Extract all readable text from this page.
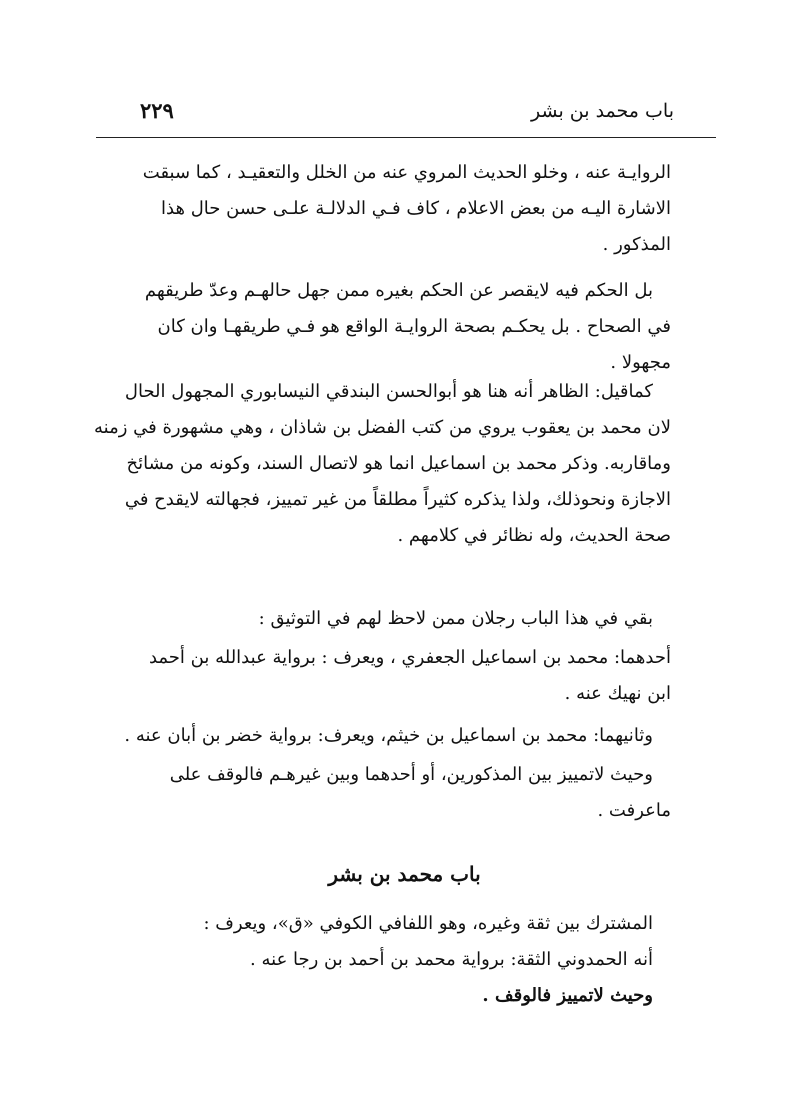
باب محمد بن بشر
٢٢٩
الروايـة عنه ، وخلو الحديث المروي عنه من الخلل والتعقيـد ، كما سبقت
الاشارة اليـه من بعض الاعلام ، كاف فـي الدلالـة علـى حسن حال هذا
المذكور .
بل الحكم فيه لايقصر عن الحكم بغيره ممن جهل حالهـم وعدّ طريقهم
في الصحاح . بل يحكـم بصحة الروايـة الواقع هو فـي طريقهـا وان كان
مجهولا .
كماقيل: الظاهر أنه هنا هو أبوالحسن البندقي النيسابوري المجهول الحال
لان محمد بن يعقوب يروي من كتب الفضل بن شاذان ، وهي مشهورة في زمنه
وماقاربه. وذكر محمد بن اسماعيل انما هو لاتصال السند، وكونه من مشائخ
الاجازة ونحوذلك، ولذا يذكره كثيراً مطلقاً من غير تمييز، فجهالته لايقدح في
صحة الحديث، وله نظائر في كلامهم .
بقي في هذا الباب رجلان ممن لاحظ لهم في التوثيق :
أحدهما: محمد بن اسماعيل الجعفري ، ويعرف : برواية عبدالله بن أحمد
ابن نهيك عنه .
وثانيهما: محمد بن اسماعيل بن خيثم، ويعرف: برواية خضر بن أبان عنه .
وحيث لاتمييز بين المذكورين، أو أحدهما وبين غيرهـم فالوقف على
ماعرفت .
باب محمد بن بشر
المشترك بين ثقة وغيره، وهو اللفافي الكوفي «ق»، ويعرف :
أنه الحمدوني الثقة: برواية محمد بن أحمد بن رجا عنه .
وحيث لاتمييز فالوقف .
